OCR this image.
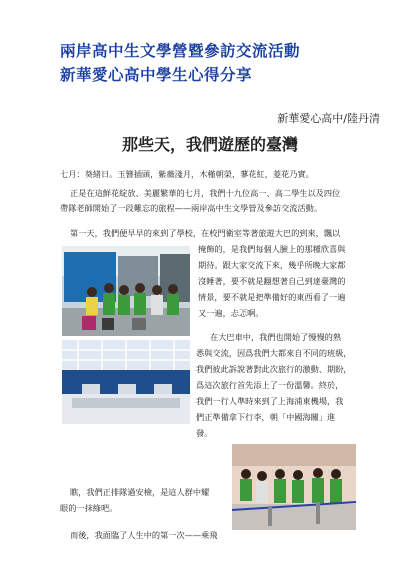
兩岸高中生文學營暨參訪交流活動
新華愛心高中學生心得分享
新華愛心高中/陸丹清
那些天，我們遊歷的臺灣
七月：葵緒日。玉簪插頭，紫薇淺月，木槿朝榮，蓼花紅，菱花乃實。
正是在這鮮花綻放、美麗繁華的七月，我們十九位高一、高二學生以及四位
帶隊老師開始了一段難忘的旅程——兩岸高中生文學營及參訪交流活動。
第一天，我們便早早的來到了學校，在校門衛室等著旅遊大巴的到來，飄以
掩飾的，是我們每個人臉上的那種欣喜與
期待。跟大家交流下來，幾乎所晚大家都
沒睡著，要不就是翻想著自己到達臺灣的
情景，要不就是把準備好的東西看了一遍
又一遍，忐忑啊。
在大巴車中，我們也開始了慢慢的熟
悉與交流，因爲我們大都來自不同的班級，
我們彼此訴說著對此次旅行的激動、期盼，
爲這次旅行首先添上了一份溫馨。終於，
我們一行人準時來到了上海浦東機場，我
們正準備拿下行李，朝「中國海關」進
發。
瞧，我們正排隊過安檢，是這人群中耀
眼的一抹綠吧。
而後，我面臨了人生中的第一次——乘飛
